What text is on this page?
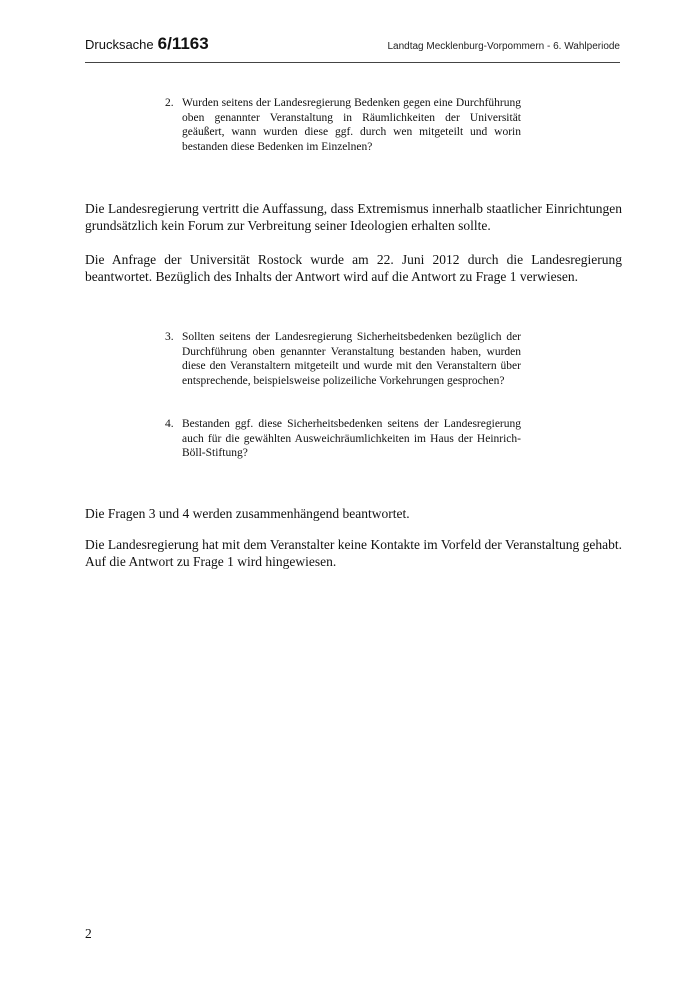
Drucksache 6/1163	Landtag Mecklenburg-Vorpommern - 6. Wahlperiode
2. Wurden seitens der Landesregierung Bedenken gegen eine Durchführung oben genannter Veranstaltung in Räumlichkeiten der Universität geäußert, wann wurden diese ggf. durch wen mitgeteilt und worin bestanden diese Bedenken im Einzelnen?
Die Landesregierung vertritt die Auffassung, dass Extremismus innerhalb staatlicher Einrichtungen grundsätzlich kein Forum zur Verbreitung seiner Ideologien erhalten sollte.
Die Anfrage der Universität Rostock wurde am 22. Juni 2012 durch die Landesregierung beantwortet. Bezüglich des Inhalts der Antwort wird auf die Antwort zu Frage 1 verwiesen.
3. Sollten seitens der Landesregierung Sicherheitsbedenken bezüglich der Durchführung oben genannter Veranstaltung bestanden haben, wurden diese den Veranstaltern mitgeteilt und wurde mit den Veranstaltern über entsprechende, beispielsweise polizeiliche Vorkehrungen gesprochen?
4. Bestanden ggf. diese Sicherheitsbedenken seitens der Landesregierung auch für die gewählten Ausweichräumlichkeiten im Haus der Heinrich-Böll-Stiftung?
Die Fragen 3 und 4 werden zusammenhängend beantwortet.
Die Landesregierung hat mit dem Veranstalter keine Kontakte im Vorfeld der Veranstaltung gehabt. Auf die Antwort zu Frage 1 wird hingewiesen.
2
